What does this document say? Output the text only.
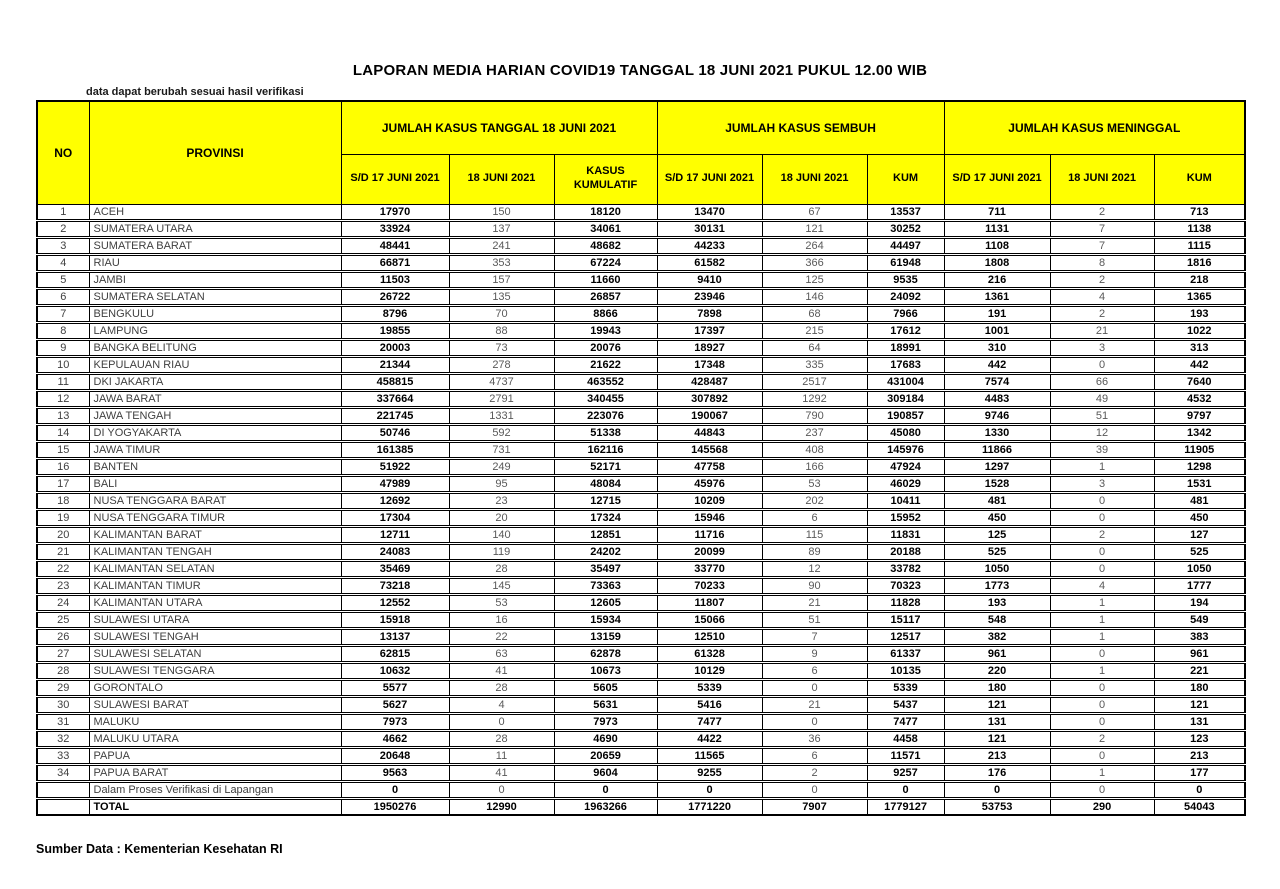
LAPORAN MEDIA HARIAN COVID19 TANGGAL 18 JUNI 2021 PUKUL 12.00 WIB
data dapat berubah sesuai hasil verifikasi
NO	PROVINSI	JUMLAH KASUS TANGGAL 18 JUNI 2021			JUMLAH KASUS SEMBUH			JUMLAH KASUS MENINGGAL		
		S/D 17 JUNI 2021	18 JUNI 2021	KASUS KUMULATIF	S/D 17 JUNI 2021	18 JUNI 2021	KUM	S/D 17 JUNI 2021	18 JUNI 2021	KUM
1	ACEH	17970	150	18120	13470	67	13537	711	2	713
2	SUMATERA UTARA	33924	137	34061	30131	121	30252	1131	7	1138
3	SUMATERA BARAT	48441	241	48682	44233	264	44497	1108	7	1115
4	RIAU	66871	353	67224	61582	366	61948	1808	8	1816
5	JAMBI	11503	157	11660	9410	125	9535	216	2	218
6	SUMATERA SELATAN	26722	135	26857	23946	146	24092	1361	4	1365
7	BENGKULU	8796	70	8866	7898	68	7966	191	2	193
8	LAMPUNG	19855	88	19943	17397	215	17612	1001	21	1022
9	BANGKA BELITUNG	20003	73	20076	18927	64	18991	310	3	313
10	KEPULAUAN RIAU	21344	278	21622	17348	335	17683	442	0	442
11	DKI JAKARTA	458815	4737	463552	428487	2517	431004	7574	66	7640
12	JAWA BARAT	337664	2791	340455	307892	1292	309184	4483	49	4532
13	JAWA TENGAH	221745	1331	223076	190067	790	190857	9746	51	9797
14	DI YOGYAKARTA	50746	592	51338	44843	237	45080	1330	12	1342
15	JAWA TIMUR	161385	731	162116	145568	408	145976	11866	39	11905
16	BANTEN	51922	249	52171	47758	166	47924	1297	1	1298
17	BALI	47989	95	48084	45976	53	46029	1528	3	1531
18	NUSA TENGGARA BARAT	12692	23	12715	10209	202	10411	481	0	481
19	NUSA TENGGARA TIMUR	17304	20	17324	15946	6	15952	450	0	450
20	KALIMANTAN BARAT	12711	140	12851	11716	115	11831	125	2	127
21	KALIMANTAN TENGAH	24083	119	24202	20099	89	20188	525	0	525
22	KALIMANTAN SELATAN	35469	28	35497	33770	12	33782	1050	0	1050
23	KALIMANTAN TIMUR	73218	145	73363	70233	90	70323	1773	4	1777
24	KALIMANTAN UTARA	12552	53	12605	11807	21	11828	193	1	194
25	SULAWESI UTARA	15918	16	15934	15066	51	15117	548	1	549
26	SULAWESI TENGAH	13137	22	13159	12510	7	12517	382	1	383
27	SULAWESI SELATAN	62815	63	62878	61328	9	61337	961	0	961
28	SULAWESI TENGGARA	10632	41	10673	10129	6	10135	220	1	221
29	GORONTALO	5577	28	5605	5339	0	5339	180	0	180
30	SULAWESI BARAT	5627	4	5631	5416	21	5437	121	0	121
31	MALUKU	7973	0	7973	7477	0	7477	131	0	131
32	MALUKU UTARA	4662	28	4690	4422	36	4458	121	2	123
33	PAPUA	20648	11	20659	11565	6	11571	213	0	213
34	PAPUA BARAT	9563	41	9604	9255	2	9257	176	1	177
	Dalam Proses Verifikasi di Lapangan	0	0	0	0	0	0	0	0	0
	TOTAL	1950276	12990	1963266	1771220	7907	1779127	53753	290	54043
Sumber Data : Kementerian Kesehatan RI
